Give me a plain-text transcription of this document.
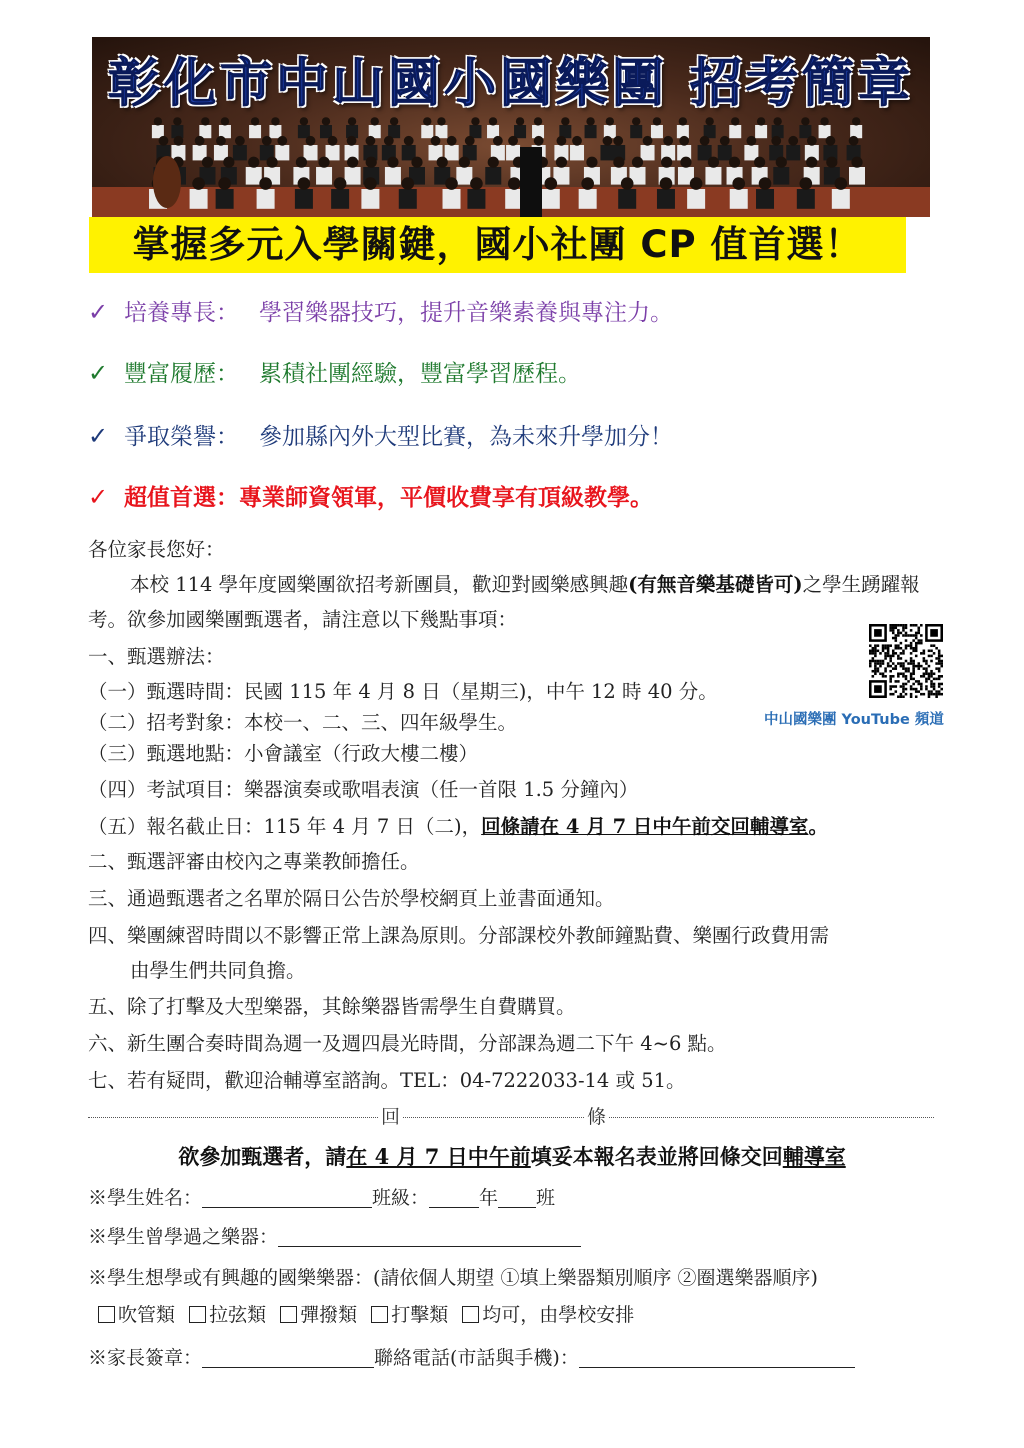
彰化市中山國小國樂團 招考簡章
掌握多元入學關鍵，國小社團 CP 值首選！
✓ 培養專長： 學習樂器技巧，提升音樂素養與專注力。
✓ 豐富履歷： 累積社團經驗，豐富學習歷程。
✓ 爭取榮譽： 參加縣內外大型比賽，為未來升學加分！
✓ 超值首選：專業師資領軍，平價收費享有頂級教學。
各位家長您好：
本校 114 學年度國樂團欲招考新團員，歡迎對國樂感興趣(有無音樂基礎皆可)之學生踴躍報
考。欲參加國樂團甄選者，請注意以下幾點事項：
一、甄選辦法：
（一）甄選時間：民國 115 年 4 月 8 日（星期三)，中午 12 時 40 分。
（二）招考對象：本校一、二、三、四年級學生。
（三）甄選地點：小會議室（行政大樓二樓）
（四）考試項目：樂器演奏或歌唱表演（任一首限 1.5 分鐘內）
（五）報名截止日：115 年 4 月 7 日（二)，回條請在 4 月 7 日中午前交回輔導室。
二、甄選評審由校內之專業教師擔任。
三、通過甄選者之名單於隔日公告於學校網頁上並書面通知。
四、樂團練習時間以不影響正常上課為原則。分部課校外教師鐘點費、樂團行政費用需
由學生們共同負擔。
五、除了打擊及大型樂器，其餘樂器皆需學生自費購買。
六、新生團合奏時間為週一及週四晨光時間，分部課為週二下午 4~6 點。
七、若有疑問，歡迎洽輔導室諮詢。TEL：04-7222033-14 或 51。
中山國樂團 YouTube 頻道
回	條
欲參加甄選者，請在 4 月 7 日中午前填妥本報名表並將回條交回輔導室
※學生姓名：	班級：	年 班
※學生曾學過之樂器：
※學生想學或有興趣的國樂樂器：(請依個人期望 ①填上樂器類別順序 ②圈選樂器順序)
吹管類 拉弦類 彈撥類 打擊類 均可，由學校安排
※家長簽章：	聯絡電話(市話與手機)：
